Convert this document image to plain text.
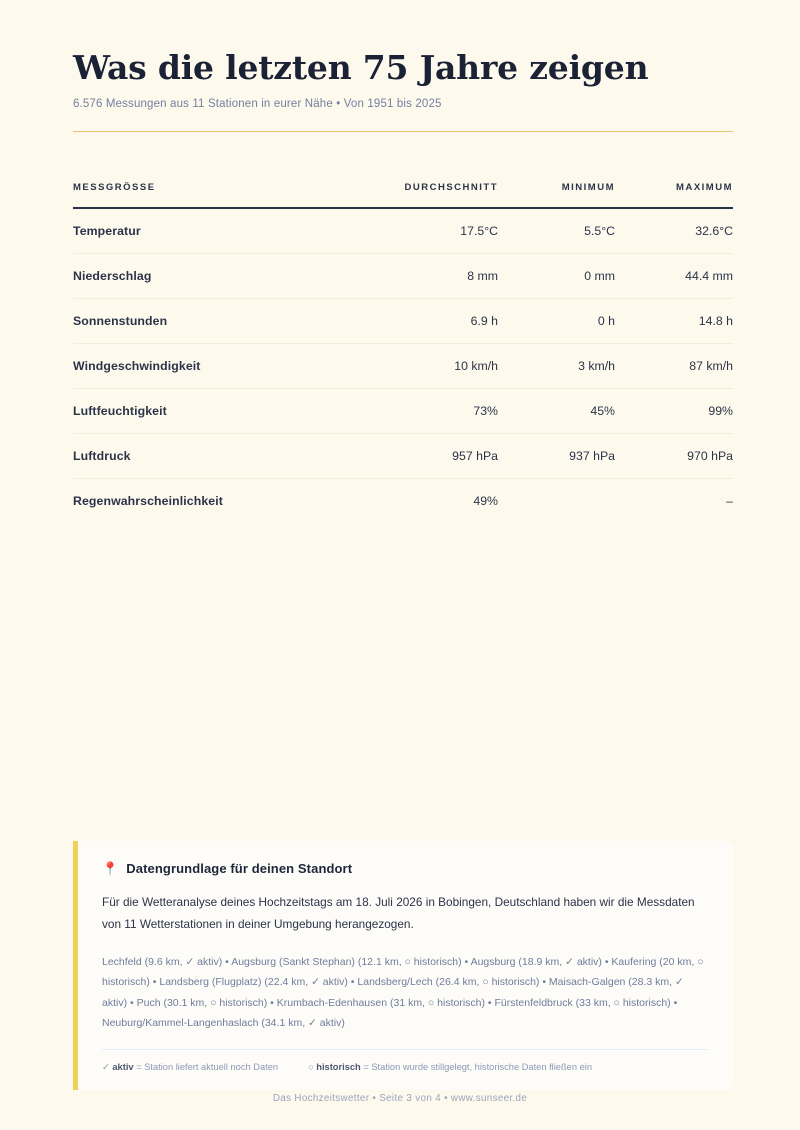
Was die letzten 75 Jahre zeigen

6.576 Messungen aus 11 Stationen in eurer Nähe • Von 1951 bis 2025

MESSGRÖSSE	DURCHSCHNITT	MINIMUM	MAXIMUM
Temperatur	17.5°C	5.5°C	32.6°C
Niederschlag	8 mm	0 mm	44.4 mm
Sonnenstunden	6.9 h	0 h	14.8 h
Windgeschwindigkeit	10 km/h	3 km/h	87 km/h
Luftfeuchtigkeit	73%	45%	99%
Luftdruck	957 hPa	937 hPa	970 hPa
Regenwahrscheinlichkeit	49%		–
📍 Datengrundlage für deinen Standort

Für die Wetteranalyse deines Hochzeitstags am 18. Juli 2026 in Bobingen, Deutschland haben wir die Messdaten von 11 Wetterstationen in deiner Umgebung herangezogen.

Lechfeld (9.6 km, ✓ aktiv) • Augsburg (Sankt Stephan) (12.1 km, ○ historisch) • Augsburg (18.9 km, ✓ aktiv) • Kaufering (20 km, ○ historisch) • Landsberg (Flugplatz) (22.4 km, ✓ aktiv) • Landsberg/Lech (26.4 km, ○ historisch) • Maisach-Galgen (28.3 km, ✓ aktiv) • Puch (30.1 km, ○ historisch) • Krumbach-Edenhausen (31 km, ○ historisch) • Fürstenfeldbruck (33 km, ○ historisch) • Neuburg/Kammel-Langenhaslach (34.1 km, ✓ aktiv)

✓ aktiv = Station liefert aktuell noch Daten	○ historisch = Station wurde stillgelegt, historische Daten fließen ein
Das Hochzeitswetter • Seite 3 von 4 • www.sunseer.de
